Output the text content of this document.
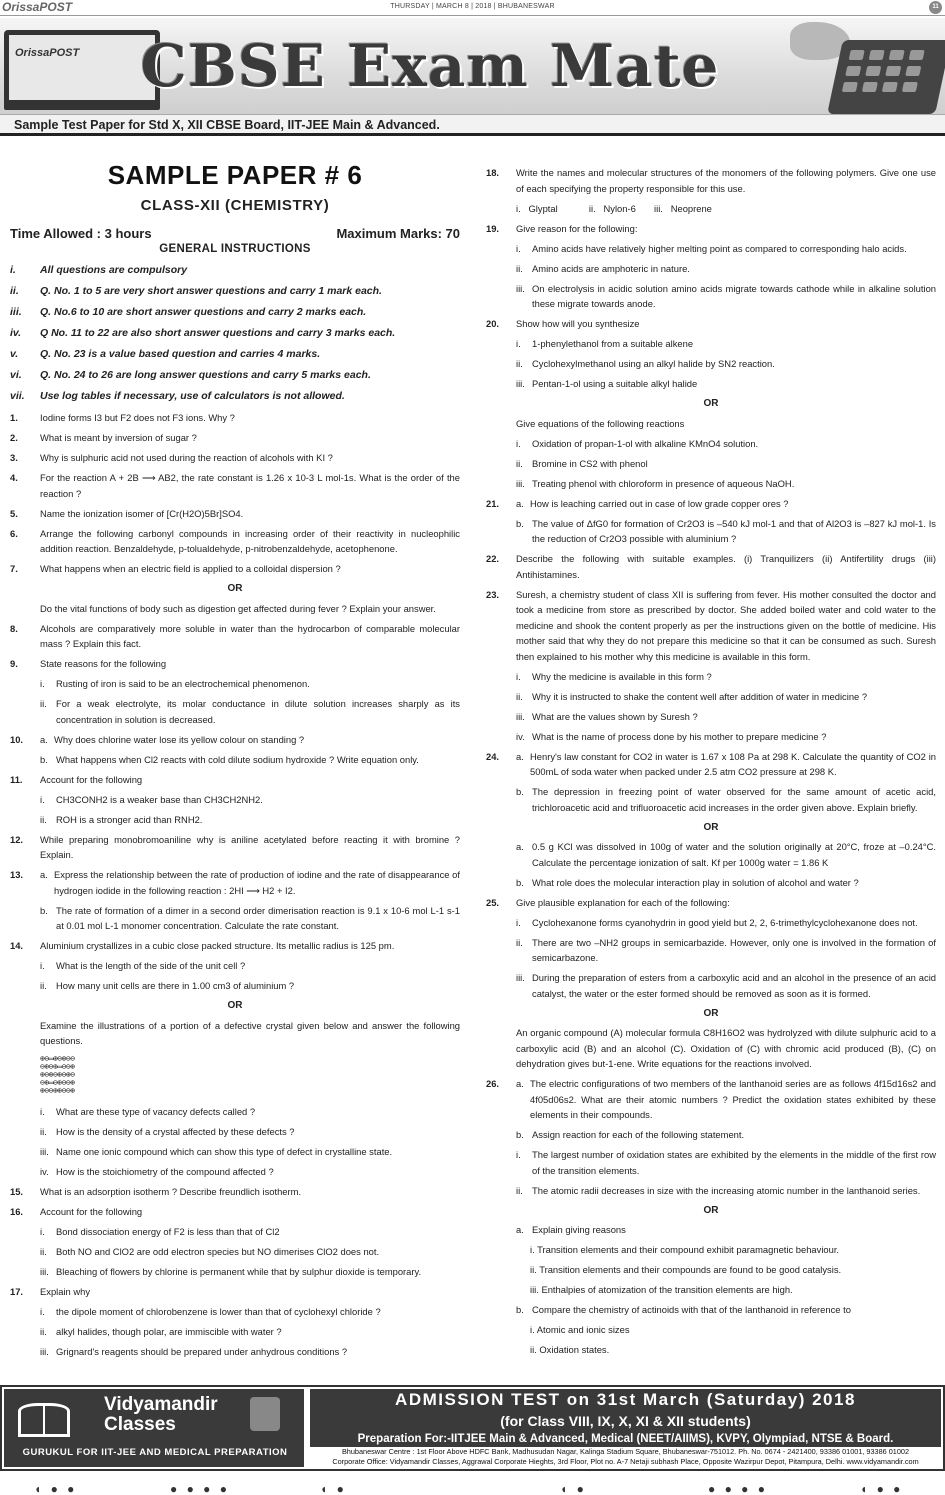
OrissaPOST	THURSDAY | MARCH 8 | 2018 | BHUBANESWAR	11
OrissaPOST CBSE Exam Mate
Sample Test Paper for Std X, XII CBSE Board, IIT-JEE Main & Advanced.
SAMPLE PAPER # 6
CLASS-XII (CHEMISTRY)
Time Allowed : 3 hours	Maximum Marks: 70
GENERAL INSTRUCTIONS
i.	All questions are compulsory
ii.	Q. No. 1 to 5 are very short answer questions and carry 1 mark each.
iii.	Q. No.6 to 10 are short answer questions and carry 2 marks each.
iv.	Q No. 11 to 22 are also short answer questions and carry 3 marks each.
v.	Q. No. 23 is a value based question and carries 4 marks.
vi.	Q. No. 24 to 26 are long answer questions and carry 5 marks each.
vii.	Use log tables if necessary, use of calculators is not allowed.
1.	Iodine forms I3 but F2 does not F3 ions. Why ?
2.	What is meant by inversion of sugar ?
3.	Why is sulphuric acid not used during the reaction of alcohols with KI ?
4.	For the reaction A + 2B ⟶ AB2, the rate constant is 1.26 x 10-3 L mol-1s. What is the order of the reaction ?
5.	Name the ionization isomer of [Cr(H2O)5Br]SO4.
6.	Arrange the following carbonyl compounds in increasing order of their reactivity in nucleophilic addition reaction. Benzaldehyde, p-tolualdehyde, p-nitrobenzaldehyde, acetophenone.
7.	What happens when an electric field is applied to a colloidal dispersion ?
OR
Do the vital functions of body such as digestion get affected during fever ? Explain your answer.
8.	Alcohols are comparatively more soluble in water than the hydrocarbon of comparable molecular mass ? Explain this fact.
9.	State reasons for the following
i.	Rusting of iron is said to be an electrochemical phenomenon.
ii. For a weak electrolyte, its molar conductance in dilute solution increases sharply as its concentration in solution is decreased.
10.	a. Why does chlorine water lose its yellow colour on standing ?
b. What happens when Cl2 reacts with cold dilute sodium hydroxide ? Write equation only.
11.	Account for the following
i.	CH3CONH2 is a weaker base than CH3CH2NH2.
ii. ROH is a stronger acid than RNH2.
12.	While preparing monobromoaniline why is aniline acetylated before reacting it with bromine ? Explain.
13.	a. Express the relationship between the rate of production of iodine and the rate of disappearance of hydrogen iodide in the following reaction : 2HI ⟶ H2 + I2.
b. The rate of formation of a dimer in a second order dimerisation reaction is 9.1 x 10-6 mol L-1 s-1 at 0.01 mol L-1 monomer concentration. Calculate the rate constant.
14.	Aluminium crystallizes in a cubic close packed structure. Its metallic radius is 125 pm.
i.	What is the length of the side of the unit cell ?
ii. How many unit cells are there in 1.00 cm3 of aluminium ?
OR
Examine the illustrations of a portion of a defective crystal given below and answer the following questions.
⊕⊖▭⊕⊖⊕⊖⊖
⊖⊕⊖⊕▭⊖⊖⊕
⊕⊖⊕⊖⊕⊖⊕⊖
⊖⊕▭⊖⊕⊖⊖⊕
⊕⊖⊖⊕⊕⊖⊖⊕
i.	What are these type of vacancy defects called ?
ii. How is the density of a crystal affected by these defects ?
iii. Name one ionic compound which can show this type of defect in crystalline state.
iv. How is the stoichiometry of the compound affected ?
15.	What is an adsorption isotherm ? Describe freundlich isotherm.
16.	Account for the following
i.	Bond dissociation energy of F2 is less than that of Cl2
ii. Both NO and ClO2 are odd electron species but NO dimerises ClO2 does not.
iii. Bleaching of flowers by chlorine is permanent while that by sulphur dioxide is temporary.
17.	Explain why
i.	the dipole moment of chlorobenzene is lower than that of cyclohexyl chloride ?
ii. alkyl halides, though polar, are immiscible with water ?
iii. Grignard's reagents should be prepared under anhydrous conditions ?
18.	Write the names and molecular structures of the monomers of the following polymers. Give one use of each specifying the property responsible for this use.
i.   Glyptal            ii.   Nylon-6       iii.   Neoprene
19.	Give reason for the following:
i.	Amino acids have relatively higher melting point as compared to corresponding halo acids.
ii. Amino acids are amphoteric in nature.
iii. On electrolysis in acidic solution amino acids migrate towards cathode while in alkaline solution these migrate towards anode.
20.	Show how will you synthesize
i.	1-phenylethanol from a suitable alkene
ii. Cyclohexylmethanol using an alkyl halide by SN2 reaction.
iii. Pentan-1-ol using a suitable alkyl halide
OR
Give equations of the following reactions
i.	Oxidation of propan-1-ol with alkaline KMnO4 solution.
ii. Bromine in CS2 with phenol
iii. Treating phenol with chloroform in presence of aqueous NaOH.
21.	a. How is leaching carried out in case of low grade copper ores ?
b. The value of ΔfG0 for formation of Cr2O3 is –540 kJ mol-1 and that of Al2O3 is –827 kJ mol-1. Is the reduction of Cr2O3 possible with aluminium ?
22.	Describe the following with suitable examples. (i) Tranquilizers (ii) Antifertility drugs (iii) Antihistamines.
23.	Suresh, a chemistry student of class XII is suffering from fever. His mother consulted the doctor and took a medicine from store as prescribed by doctor. She added boiled water and cold water to the medicine and shook the content properly as per the instructions given on the bottle of medicine. His mother said that why they do not prepare this medicine so that it can be consumed as such. Suresh then explained to his mother why this medicine is available in this form.
i.	Why the medicine is available in this form ?
ii. Why it is instructed to shake the content well after addition of water in medicine ?
iii. What are the values shown by Suresh ?
iv. What is the name of process done by his mother to prepare medicine ?
24.	a. Henry's law constant for CO2 in water is 1.67 x 108 Pa at 298 K. Calculate the quantity of CO2 in 500mL of soda water when packed under 2.5 atm CO2 pressure at 298 K.
b. The depression in freezing point of water observed for the same amount of acetic acid, trichloroacetic acid and trifluoroacetic acid increases in the order given above. Explain briefly.
OR
a. 0.5 g KCl was dissolved in 100g of water and the solution originally at 20°C, froze at –0.24°C. Calculate the percentage ionization of salt. Kf per 1000g water = 1.86 K
b. What role does the molecular interaction play in solution of alcohol and water ?
25.	Give plausible explanation for each of the following:
i.	Cyclohexanone forms cyanohydrin in good yield but 2, 2, 6-trimethylcyclohexanone does not.
ii. There are two –NH2 groups in semicarbazide. However, only one is involved in the formation of semicarbazone.
iii. During the preparation of esters from a carboxylic acid and an alcohol in the presence of an acid catalyst, the water or the ester formed should be removed as soon as it is formed.
OR
An organic compound (A) molecular formula C8H16O2 was hydrolyzed with dilute sulphuric acid to a carboxylic acid (B) and an alcohol (C). Oxidation of (C) with chromic acid produced (B), (C) on dehydration gives but-1-ene. Write equations for the reactions involved.
26.	a. The electric configurations of two members of the lanthanoid series are as follows 4f15d16s2 and 4f05d06s2. What are their atomic numbers ? Predict the oxidation states exhibited by these elements in their compounds.
b. Assign reaction for each of the following statement.
i.	The largest number of oxidation states are exhibited by the elements in the middle of the first row of the transition elements.
ii. The atomic radii decreases in size with the increasing atomic number in the lanthanoid series.
OR
a. Explain giving reasons
i. Transition elements and their compound exhibit paramagnetic behaviour.
ii. Transition elements and their compounds are found to be good catalysis.
iii. Enthalpies of atomization of the transition elements are high.
b. Compare the chemistry of actinoids with that of the lanthanoid in reference to
i. Atomic and ionic sizes
ii. Oxidation states.
Vidyamandir
Classes
GURUKUL FOR IIT-JEE AND MEDICAL PREPARATION
ADMISSION TEST on 31st March (Saturday) 2018
(for Class VIII, IX, X, XI & XII students)
Preparation For:-IITJEE Main & Advanced, Medical (NEET/AIIMS), KVPY, Olympiad, NTSE & Board.
Bhubaneswar Centre : 1st Floor Above HDFC Bank, Madhusudan Nagar, Kalinga Stadium Square, Bhubaneswar-751012. Ph. No. 0674 - 2421400, 93386 01001, 93386 01002
Corporate Office: Vidyamandir Classes, Aggrawal Corporate Hieghts, 3rd Floor, Plot no. A-7 Netaji subhash Place, Opposite Wazirpur Depot, Pitampura, Delhi. www.vidyamandir.com
◖ ● ●	● ● ● ●	◖ ●	◖ ●	● ● ● ●	◖ ● ●
